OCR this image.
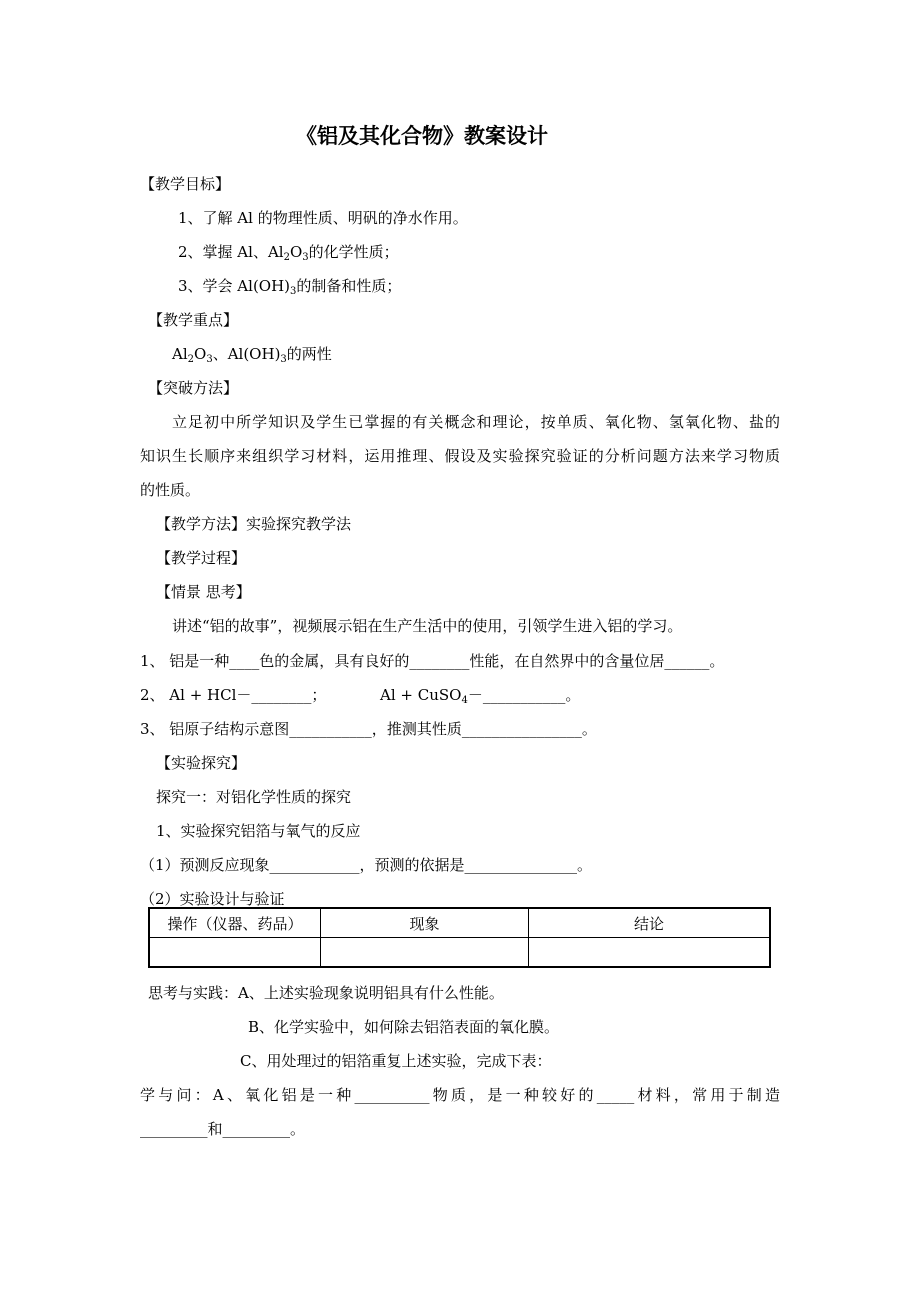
《铝及其化合物》教案设计
【教学目标】
1、了解 Al 的物理性质、明矾的净水作用。
2、掌握 Al、$Al_2O_3$的化学性质；
3、学会 $Al(OH)_3$的制备和性质；
【教学重点】
$Al_2O_3$、$Al(OH)_3$的两性
【突破方法】
立足初中所学知识及学生已掌握的有关概念和理论，按单质、氧化物、氢氧化物、盐的
知识生长顺序来组织学习材料，运用推理、假设及实验探究验证的分析问题方法来学习物质
的性质。
【教学方法】实验探究教学法
【教学过程】
【情景 思考】
讲述“铝的故事”，视频展示铝在生产生活中的使用，引领学生进入铝的学习。
1、 铝是一种____色的金属，具有良好的________性能，在自然界中的含量位居______。
2、 Al + HCl－________；	Al + CuSO$_4$－___________。
3、 铝原子结构示意图___________，推测其性质________________。
【实验探究】
探究一：对铝化学性质的探究
1、实验探究铝箔与氧气的反应
（1）预测反应现象____________，预测的依据是_______________。
（2）实验设计与验证
操作（仪器、药品）	现象	结论

思考与实践：A、上述实验现象说明铝具有什么性能。
B、化学实验中，如何除去铝箔表面的氧化膜。
C、用处理过的铝箔重复上述实验，完成下表：
学与问：A、氧化铝是一种__________物质，是一种较好的_____材料，常用于制造
_________和_________。
